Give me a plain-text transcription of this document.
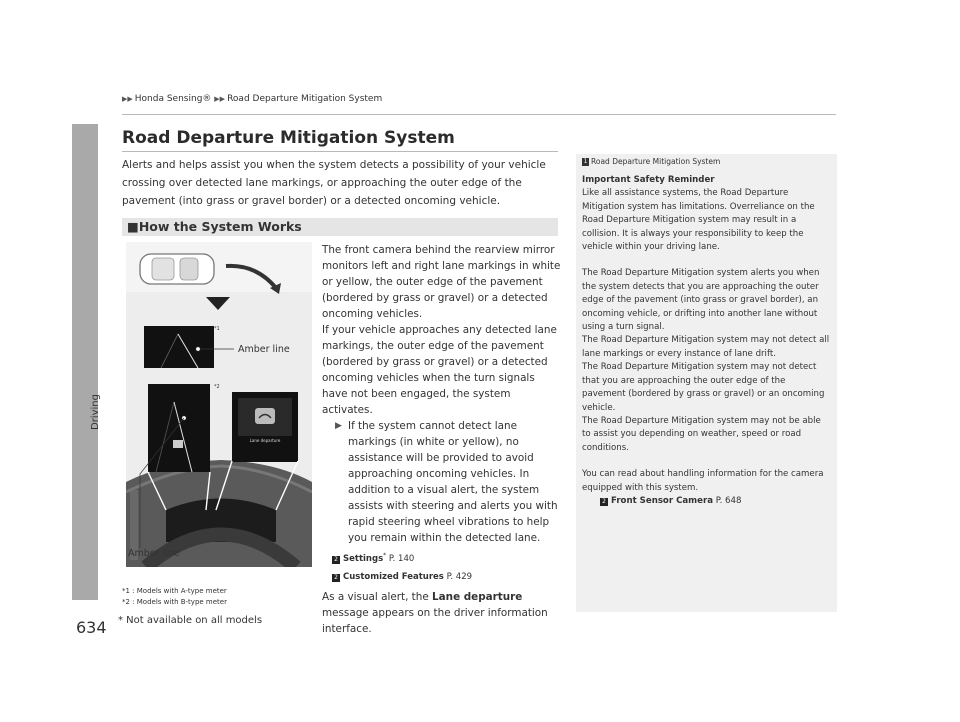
▶▶ Honda Sensing® ▶▶ Road Departure Mitigation System
Driving
Road Departure Mitigation System
Alerts and helps assist you when the system detects a possibility of your vehicle crossing over detected lane markings, or approaching the outer edge of the pavement (into grass or gravel border) or a detected oncoming vehicle.
■How the System Works
Amber line
Amber line
*1
*2
Lane departure

The front camera behind the rearview mirror monitors left and right lane markings in white or yellow, the outer edge of the pavement (bordered by grass or gravel) or a detected oncoming vehicles.

If your vehicle approaches any detected lane markings, the outer edge of the pavement (bordered by grass or gravel) or a detected oncoming vehicles when the turn signals have not been engaged, the system activates.

▶ If the system cannot detect lane markings (in white or yellow), no assistance will be provided to avoid approaching oncoming vehicles. In addition to a visual alert, the system assists with steering and alerts you with rapid steering wheel vibrations to help you remain within the detected lane.
2 Settings* P. 140
2 Customized Features P. 429

As a visual alert, the Lane departure message appears on the driver information interface.

*1 : Models with A-type meter
*2 : Models with B-type meter
634 * Not available on all models
1 Road Departure Mitigation System
Important Safety Reminder

Like all assistance systems, the Road Departure Mitigation system has limitations. Overreliance on the Road Departure Mitigation system may result in a collision. It is always your responsibility to keep the vehicle within your driving lane.

The Road Departure Mitigation system alerts you when the system detects that you are approaching the outer edge of the pavement (into grass or gravel border), an oncoming vehicle, or drifting into another lane without using a turn signal.
The Road Departure Mitigation system may not detect all lane markings or every instance of lane drift.
The Road Departure Mitigation system may not detect that you are approaching the outer edge of the pavement (bordered by grass or gravel) or an oncoming vehicle.

The Road Departure Mitigation system may not be able to assist you depending on weather, speed or road conditions.

You can read about handling information for the camera equipped with this system.
2 Front Sensor Camera P. 648
